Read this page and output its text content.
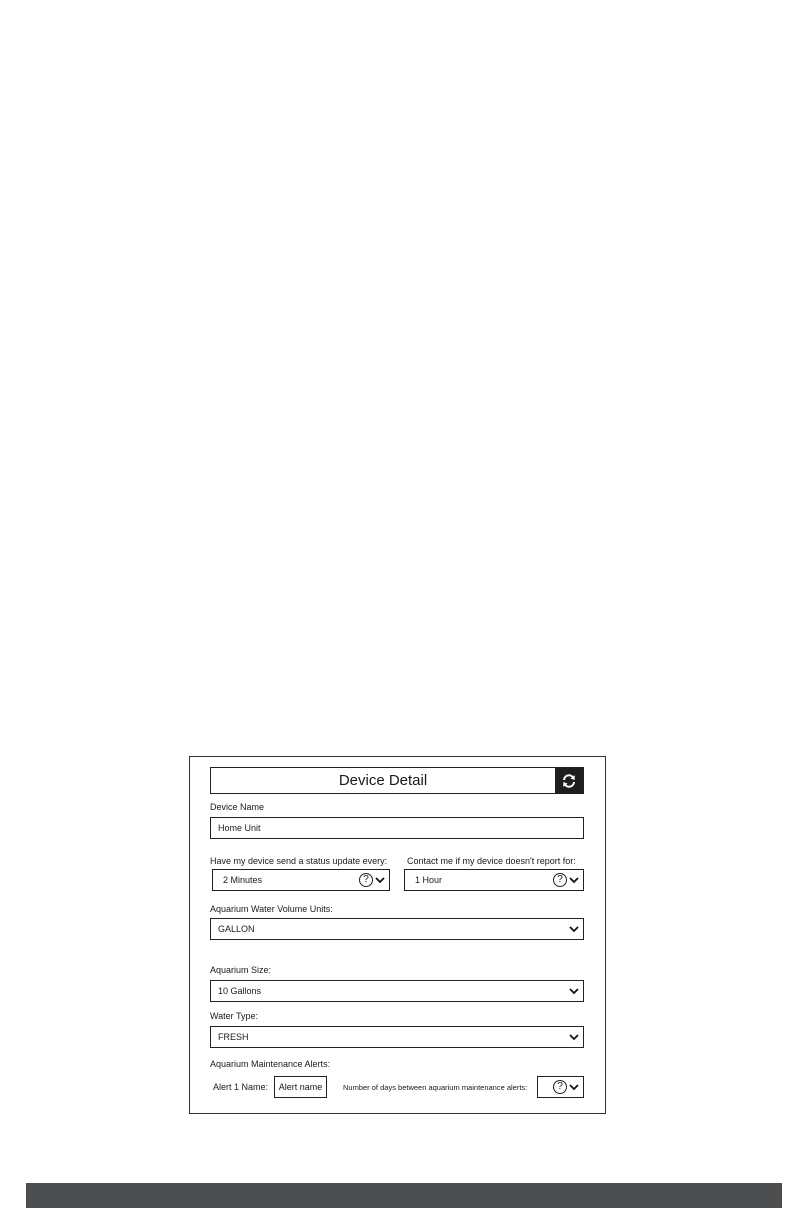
Device Detail
Device Name
Home Unit
Have my device send a status update every:
2 Minutes	?
Contact me if my device doesn't report for:
1 Hour	?
Aquarium Water Volume Units:
GALLON
Aquarium Size:
10 Gallons
Water Type:
FRESH
Aquarium Maintenance Alerts:
Alert 1 Name: Alert name	Number of days between aquarium maintenance alerts:	?
